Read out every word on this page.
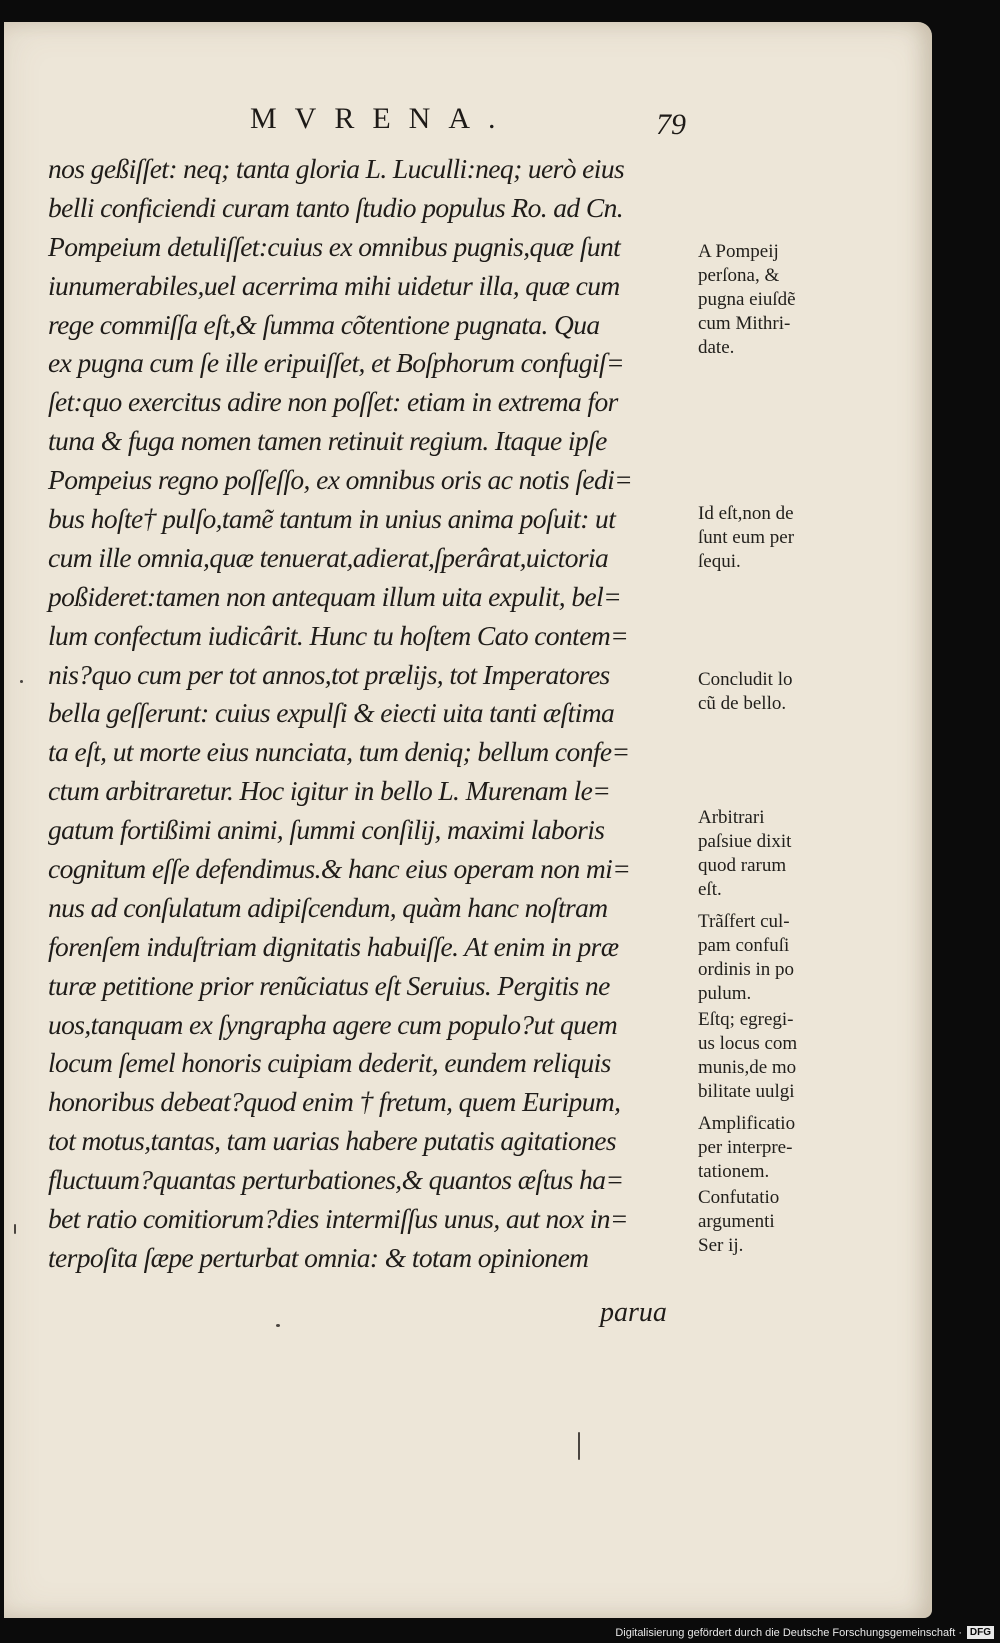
MVRENA.	79
nos geßiſſet: neq; tanta gloria L. Luculli:neq; uerò eius
belli conficiendi curam tanto ſtudio populus Ro. ad Cn.
Pompeium detuliſſet:cuius ex omnibus pugnis,quæ ſunt
iunumerabiles,uel acerrima mihi uidetur illa, quæ cum
rege commiſſa eſt,& ſumma cõtentione pugnata. Qua
ex pugna cum ſe ille eripuiſſet, et Boſphorum confugiſ=
ſet:quo exercitus adire non poſſet: etiam in extrema for
tuna & fuga nomen tamen retinuit regium. Itaque ipſe
Pompeius regno poſſeſſo, ex omnibus oris ac notis ſedi=
bus hoſte† pulſo,tamẽ tantum in unius anima poſuit: ut
cum ille omnia,quæ tenuerat,adierat,ſperârat,uictoria
poßideret:tamen non antequam illum uita expulit, bel=
lum confectum iudicârit. Hunc tu hoſtem Cato contem=
nis?quo cum per tot annos,tot prælijs, tot Imperatores
bella geſſerunt: cuius expulſi & eiecti uita tanti æſtima
ta eſt, ut morte eius nunciata, tum deniq; bellum confe=
ctum arbitraretur. Hoc igitur in bello L. Murenam le=
gatum fortißimi animi, ſummi conſilij, maximi laboris
cognitum eſſe defendimus.& hanc eius operam non mi=
nus ad conſulatum adipiſcendum, quàm hanc noſtram
forenſem induſtriam dignitatis habuiſſe. At enim in præ
turæ petitione prior renũciatus eſt Seruius. Pergitis ne
uos,tanquam ex ſyngrapha agere cum populo?ut quem
locum ſemel honoris cuipiam dederit, eundem reliquis
honoribus debeat?quod enim † fretum, quem Euripum,
tot motus,tantas, tam uarias habere putatis agitationes
fluctuum?quantas perturbationes,& quantos æſtus ha=
bet ratio comitiorum?dies intermiſſus unus, aut nox in=
terpoſita ſæpe perturbat omnia: & totam opinionem
parua
A Pompeij
perſona, &
pugna eiuſdẽ
cum Mithri-
date.
Id eſt,non de
ſunt eum per
ſequi.
Concludit lo
cũ de bello.
Arbitrari
paſsiue dixit
quod rarum
eſt.
Trãſfert cul-
pam confuſi
ordinis in po
pulum.
Eſtq; egregi-
us locus com
munis,de mo
bilitate uulgi
Amplificatio
per interpre-
tationem.
Confutatio
argumenti
Ser ij.
Digitalisierung gefördert durch die Deutsche Forschungsgemeinschaft · DFG
